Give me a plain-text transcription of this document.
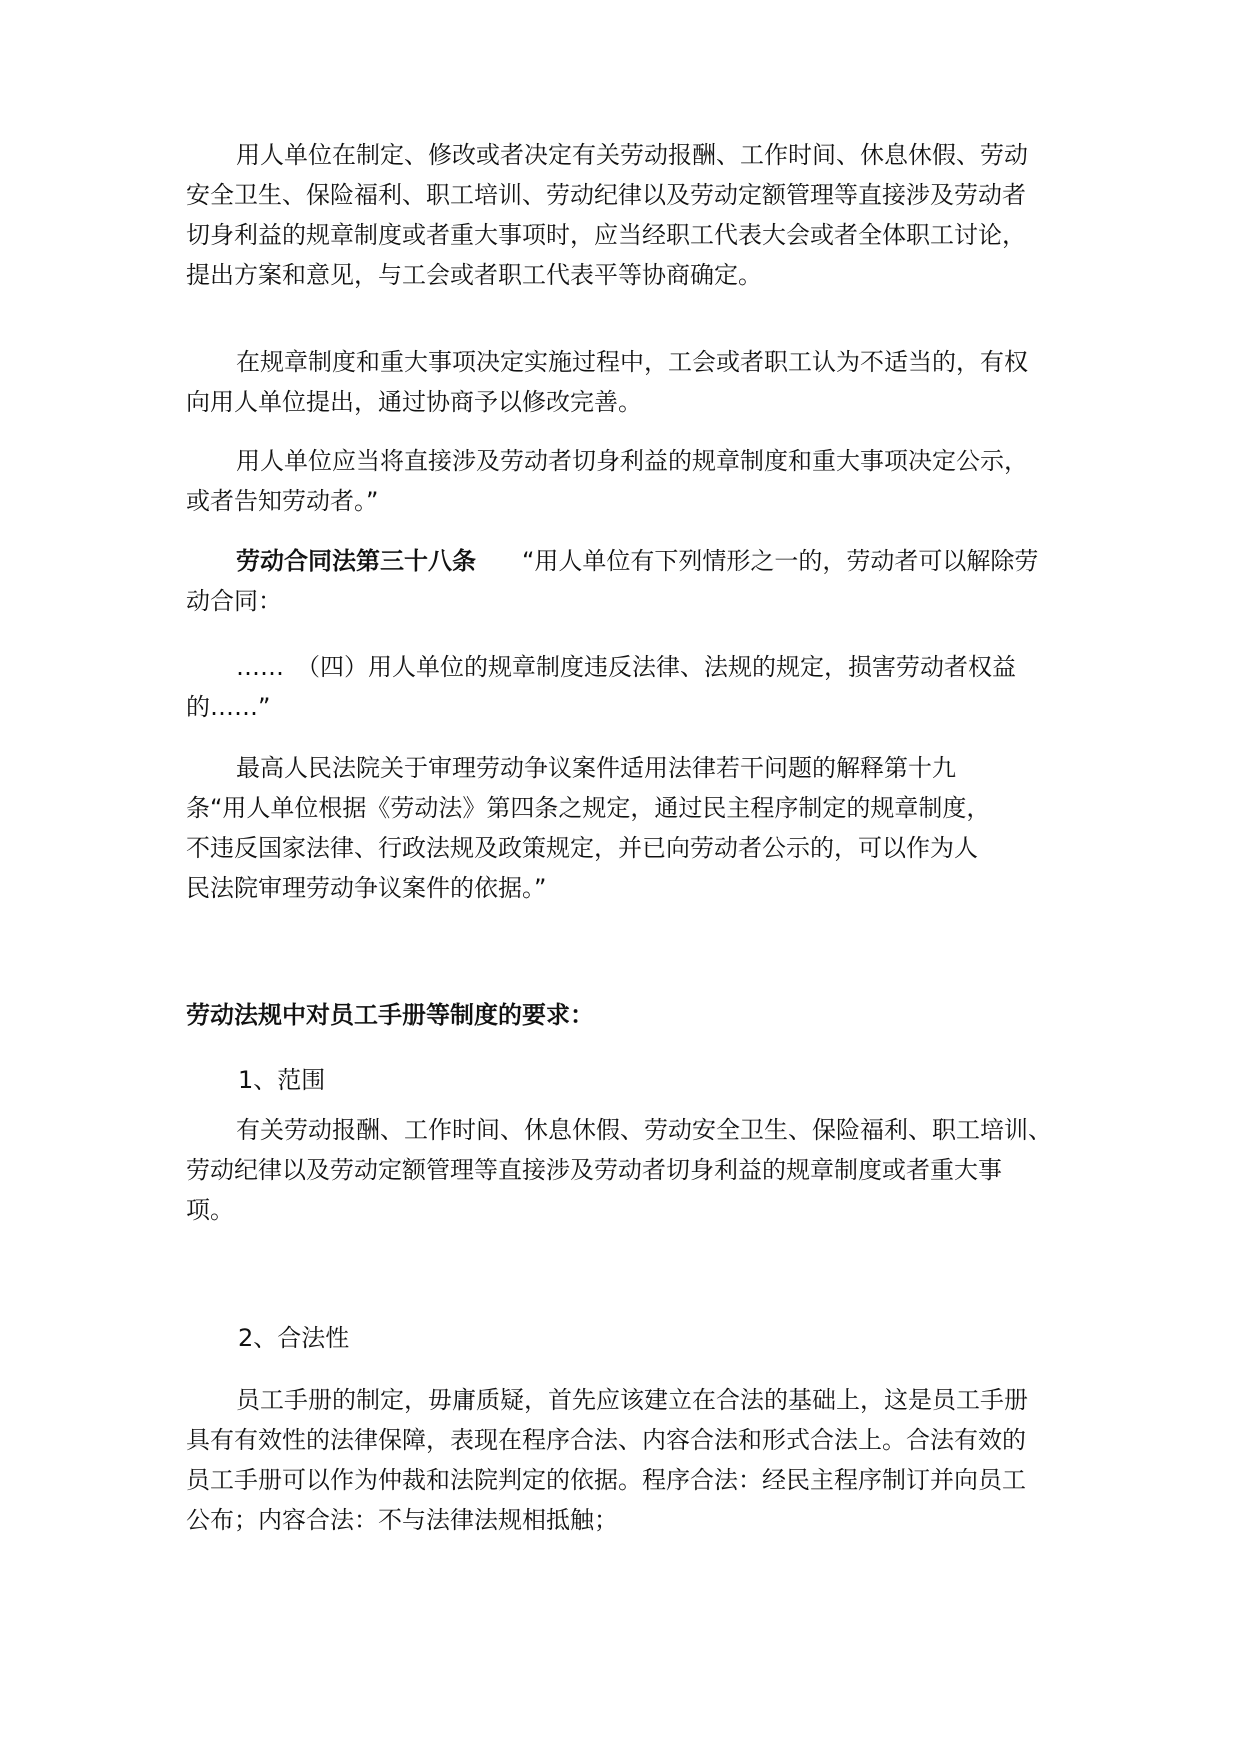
用人单位在制定、修改或者决定有关劳动报酬、工作时间、休息休假、劳动
安全卫生、保险福利、职工培训、劳动纪律以及劳动定额管理等直接涉及劳动者
切身利益的规章制度或者重大事项时，应当经职工代表大会或者全体职工讨论，
提出方案和意见，与工会或者职工代表平等协商确定。
在规章制度和重大事项决定实施过程中，工会或者职工认为不适当的，有权
向用人单位提出，通过协商予以修改完善。
用人单位应当将直接涉及劳动者切身利益的规章制度和重大事项决定公示，
或者告知劳动者。”
劳动合同法第三十八条 “用人单位有下列情形之一的，劳动者可以解除劳
动合同：
……　（四）用人单位的规章制度违反法律、法规的规定，损害劳动者权益
的……”
最高人民法院关于审理劳动争议案件适用法律若干问题的解释第十九
条“用人单位根据《劳动法》第四条之规定，通过民主程序制定的规章制度，
不违反国家法律、行政法规及政策规定，并已向劳动者公示的，可以作为人
民法院审理劳动争议案件的依据。”
劳动法规中对员工手册等制度的要求：
1、范围
有关劳动报酬、工作时间、休息休假、劳动安全卫生、保险福利、职工培训、
劳动纪律以及劳动定额管理等直接涉及劳动者切身利益的规章制度或者重大事
项。
2、合法性
员工手册的制定，毋庸质疑，首先应该建立在合法的基础上，这是员工手册
具有有效性的法律保障，表现在程序合法、内容合法和形式合法上。合法有效的
员工手册可以作为仲裁和法院判定的依据。程序合法：经民主程序制订并向员工
公布；内容合法：不与法律法规相抵触；
